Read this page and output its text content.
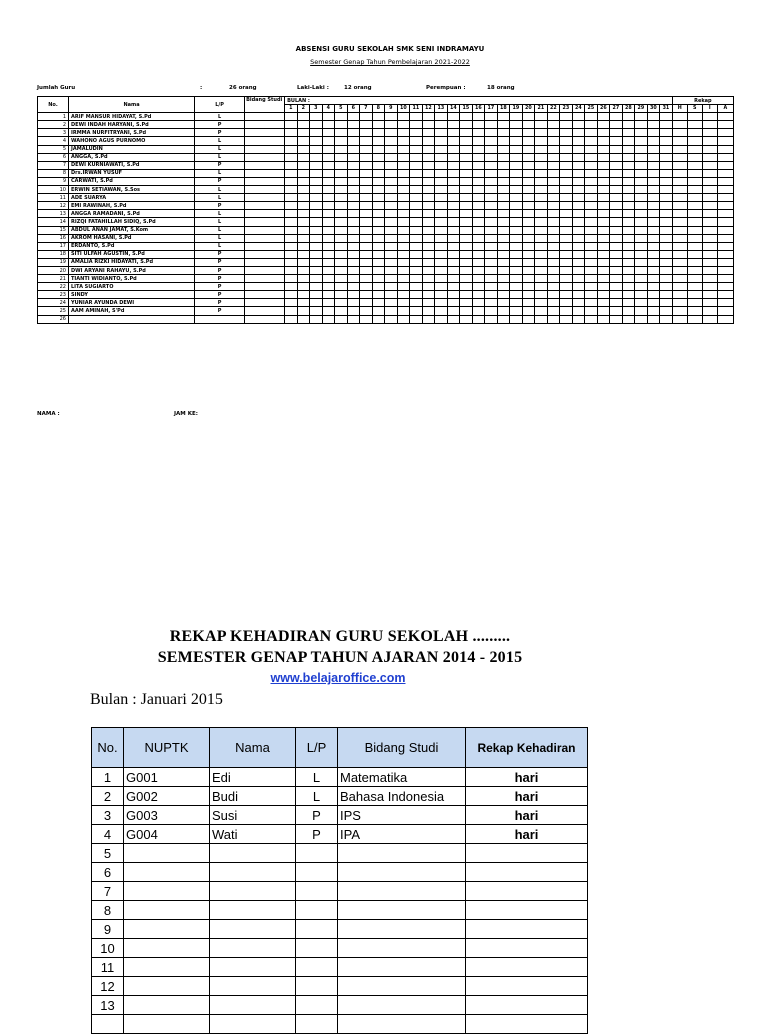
ABSENSI GURU SEKOLAH SMK SENI INDRAMAYU
Semester Genap Tahun Pembelajaran 2021-2022
Jumlah Guru	:	26 orang	Laki-Laki :	12 orang	Perempuan :	18 orang
No.	Nama	L/P	Bidang Studi	BULAN :																															Rekap			
				1	2	3	4	5	6	7	8	9	10	11	12	13	14	15	16	17	18	19	20	21	22	23	24	25	26	27	28	29	30	31	H	S	I	A
1	ARIF MANSUR HIDAYAT, S.Pd	L																																				
2	DEWI INDAH HARYANI, S.Pd	P																																				
3	IRMMA NURFITRYANI, S.Pd	P																																				
4	WAHONO AGUS PURNOMO	L																																				
5	JAMALUDIN	L																																				
6	ANGGA, S.Pd	L																																				
7	DEWI KURNIAWATI, S.Pd	P																																				
8	Drs.IRWAN YUSUF	L																																				
9	CARWATI, S.Pd	P																																				
10	ERWIN SETIAWAN, S.Sos	L																																				
11	ADE SUARYA	L																																				
12	EMI RAWINAH, S.Pd	P																																				
13	ANGGA RAMADANI, S.Pd	L																																				
14	RIZQI FATAHILLAH SIDIQ, S.Pd	L																																				
15	ABDUL ANAN JAMAT, S.Kom	L																																				
16	AKROM HASANI, S.Pd	L																																				
17	ERDANTO, S.Pd	L																																				
18	SITI ULFAH AGUSTIN, S.Pd	P																																				
19	AMALIA RIZKI HIDAYATI, S.Pd	P																																				
20	DWI ARYANI RAHAYU, S.Pd	P																																				
21	TIANTI WIDIANTO, S.Pd	P																																				
22	LITA SUGIARTO	P																																				
23	SINDY	P																																				
24	YUNIAR AYUNDA DEWI	P																																				
25	AAM AMINAH, S'Pd	P																																				
26																																						
NAMA :	JAM KE:
REKAP KEHADIRAN GURU SEKOLAH .........
SEMESTER GENAP TAHUN AJARAN 2014 - 2015
www.belajaroffice.com
Bulan : Januari 2015
No.	NUPTK	Nama	L/P	Bidang Studi	Rekap Kehadiran
1	G001	Edi	L	Matematika	hari
2	G002	Budi	L	Bahasa Indonesia	hari
3	G003	Susi	P	IPS	hari
4	G004	Wati	P	IPA	hari
5					
6					
7					
8					
9					
10					
11					
12					
13					
